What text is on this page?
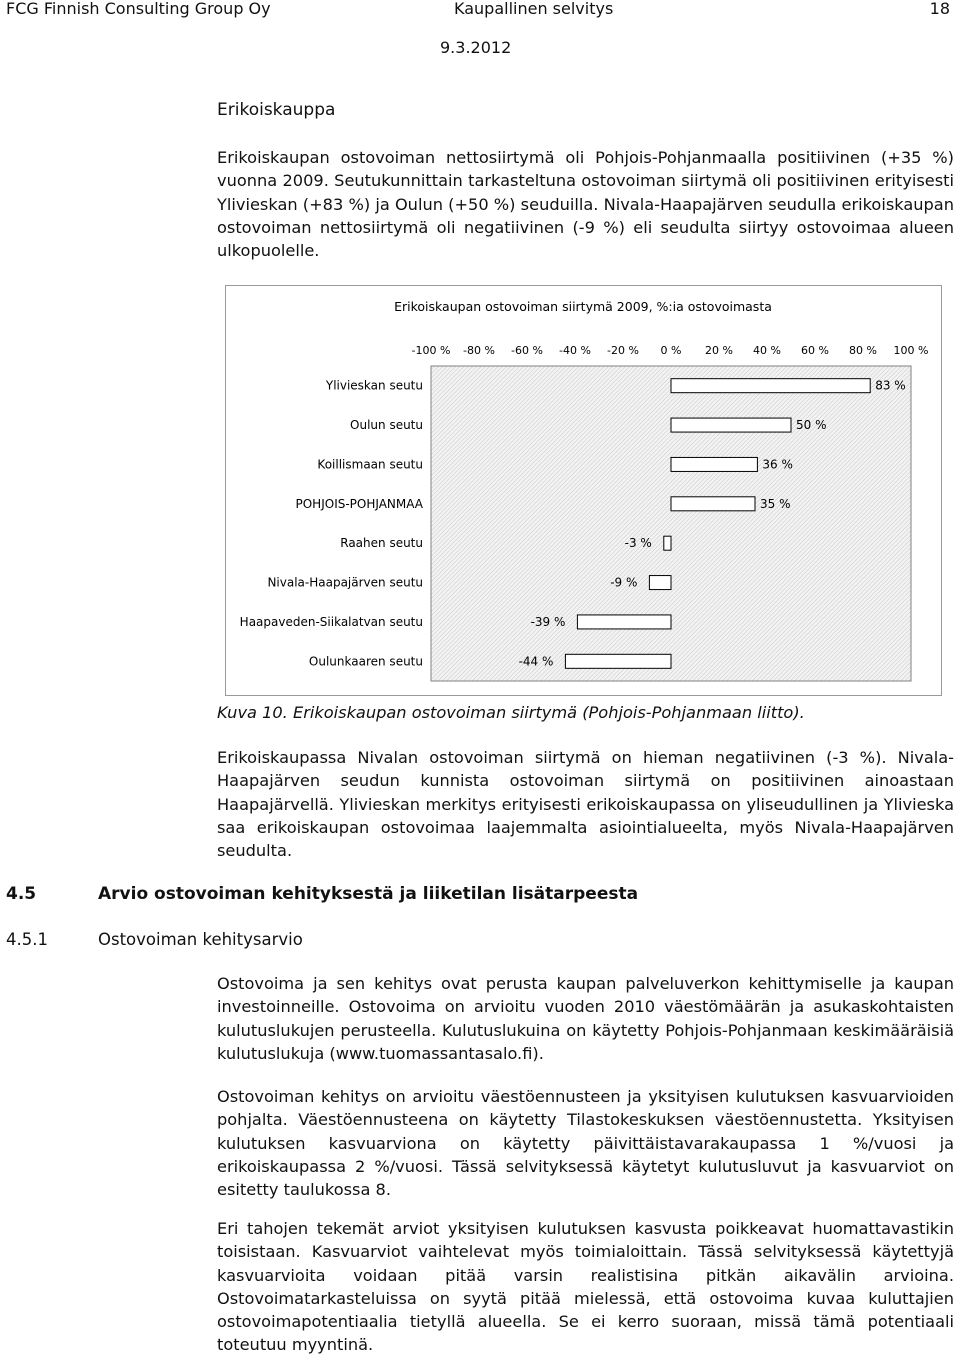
FCG Finnish Consulting Group Oy	Kaupallinen selvitys	18
9.3.2012
Erikoiskauppa
Erikoiskaupan ostovoiman nettosiirtymä oli Pohjois-Pohjanmaalla positiivinen (+35 %) vuonna 2009. Seutukunnittain tarkasteltuna ostovoiman siirtymä oli positiivinen erityisesti Ylivieskan (+83 %) ja Oulun (+50 %) seuduilla. Nivala-Haapajärven seudulla erikoiskaupan ostovoiman nettosiirtymä oli negatiivinen (-9 %) eli seudulta siirtyy ostovoimaa alueen ulkopuolelle.
Erikoiskaupan ostovoiman siirtymä 2009, %:ia ostovoimasta
-100 % -80 % -60 % -40 % -20 % 0 % 20 % 40 % 60 % 80 % 100 %
Ylivieskan seutu
Oulun seutu
Koillismaan seutu
POHJOIS-POHJANMAA
Raahen seutu
Nivala-Haapajärven seutu
Haapaveden-Siikalatvan seutu
Oulunkaaren seutu
83 %
50 %
36 %
35 %
-3 %
-9 %
-39 %
-44 %
Kuva 10. Erikoiskaupan ostovoiman siirtymä (Pohjois-Pohjanmaan liitto).
Erikoiskaupassa Nivalan ostovoiman siirtymä on hieman negatiivinen (-3 %). Nivala-Haapajärven seudun kunnista ostovoiman siirtymä on positiivinen ainoastaan Haapajärvellä. Ylivieskan merkitys erityisesti erikoiskaupassa on yliseudullinen ja Ylivieska saa erikoiskaupan ostovoimaa laajemmalta asiointialueelta, myös Nivala-Haapajärven seudulta.
4.5	Arvio ostovoiman kehityksestä ja liiketilan lisätarpeesta
4.5.1	Ostovoiman kehitysarvio
Ostovoima ja sen kehitys ovat perusta kaupan palveluverkon kehittymiselle ja kaupan investoinneille. Ostovoima on arvioitu vuoden 2010 väestömäärän ja asukaskohtaisten kulutuslukujen perusteella. Kulutuslukuina on käytetty Pohjois-Pohjanmaan keskimääräisiä kulutuslukuja (www.tuomassantasalo.fi).
Ostovoiman kehitys on arvioitu väestöennusteen ja yksityisen kulutuksen kasvuarvioiden pohjalta. Väestöennusteena on käytetty Tilastokeskuksen väestöennustetta. Yksityisen kulutuksen kasvuarviona on käytetty päivittäistavarakaupassa 1 %/vuosi ja erikoiskaupassa 2 %/vuosi. Tässä selvityksessä käytetyt kulutusluvut ja kasvuarviot on esitetty taulukossa 8.
Eri tahojen tekemät arviot yksityisen kulutuksen kasvusta poikkeavat huomattavastikin toisistaan. Kasvuarviot vaihtelevat myös toimialoittain. Tässä selvityksessä käytettyjä kasvuarvioita voidaan pitää varsin realistisina pitkän aikavälin arvioina. Ostovoimatarkasteluissa on syytä pitää mielessä, että ostovoima kuvaa kuluttajien ostovoimapotentiaalia tietyllä alueella. Se ei kerro suoraan, missä tämä potentiaali toteutuu myyntinä.
